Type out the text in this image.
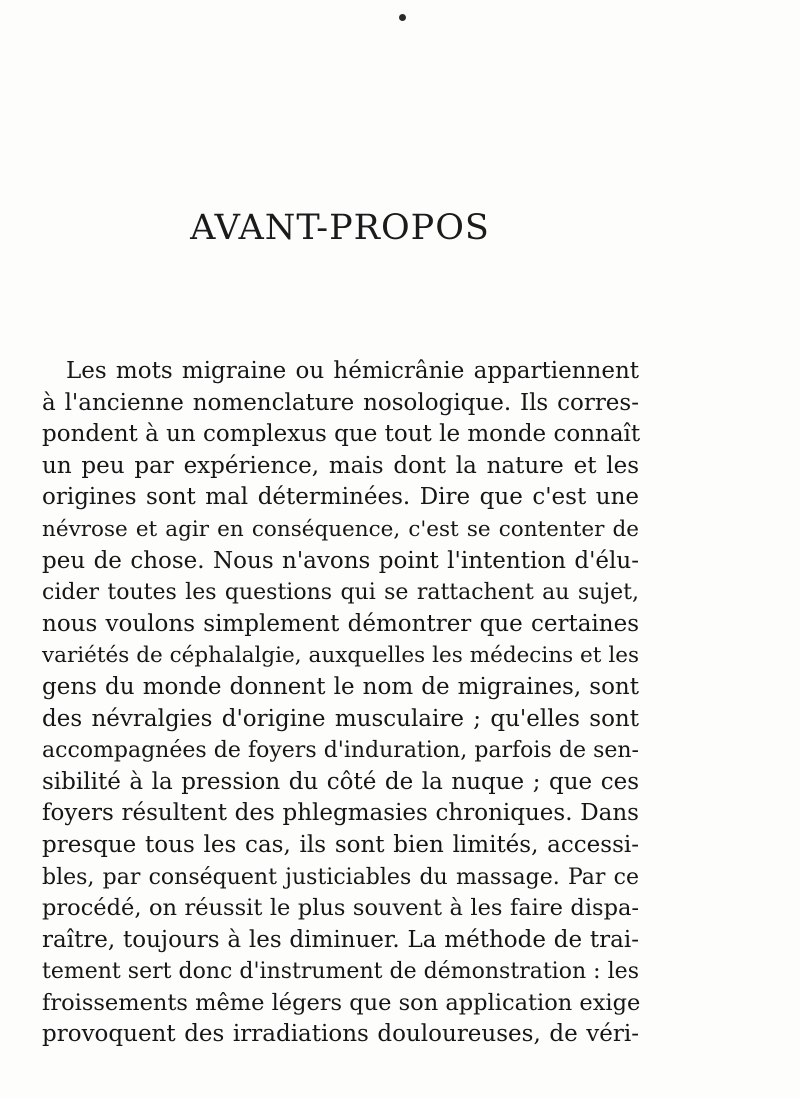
AVANT-PROPOS
Les mots migraine ou hémicrânie appartiennent
à l'ancienne nomenclature nosologique. Ils corres-
pondent à un complexus que tout le monde connaît
un peu par expérience, mais dont la nature et les
origines sont mal déterminées. Dire que c'est une
névrose et agir en conséquence, c'est se contenter de
peu de chose. Nous n'avons point l'intention d'élu-
cider toutes les questions qui se rattachent au sujet,
nous voulons simplement démontrer que certaines
variétés de céphalalgie, auxquelles les médecins et les
gens du monde donnent le nom de migraines, sont
des névralgies d'origine musculaire ; qu'elles sont
accompagnées de foyers d'induration, parfois de sen-
sibilité à la pression du côté de la nuque ; que ces
foyers résultent des phlegmasies chroniques. Dans
presque tous les cas, ils sont bien limités, accessi-
bles, par conséquent justiciables du massage. Par ce
procédé, on réussit le plus souvent à les faire dispa-
raître, toujours à les diminuer. La méthode de trai-
tement sert donc d'instrument de démonstration : les
froissements même légers que son application exige
provoquent des irradiations douloureuses, de véri-
